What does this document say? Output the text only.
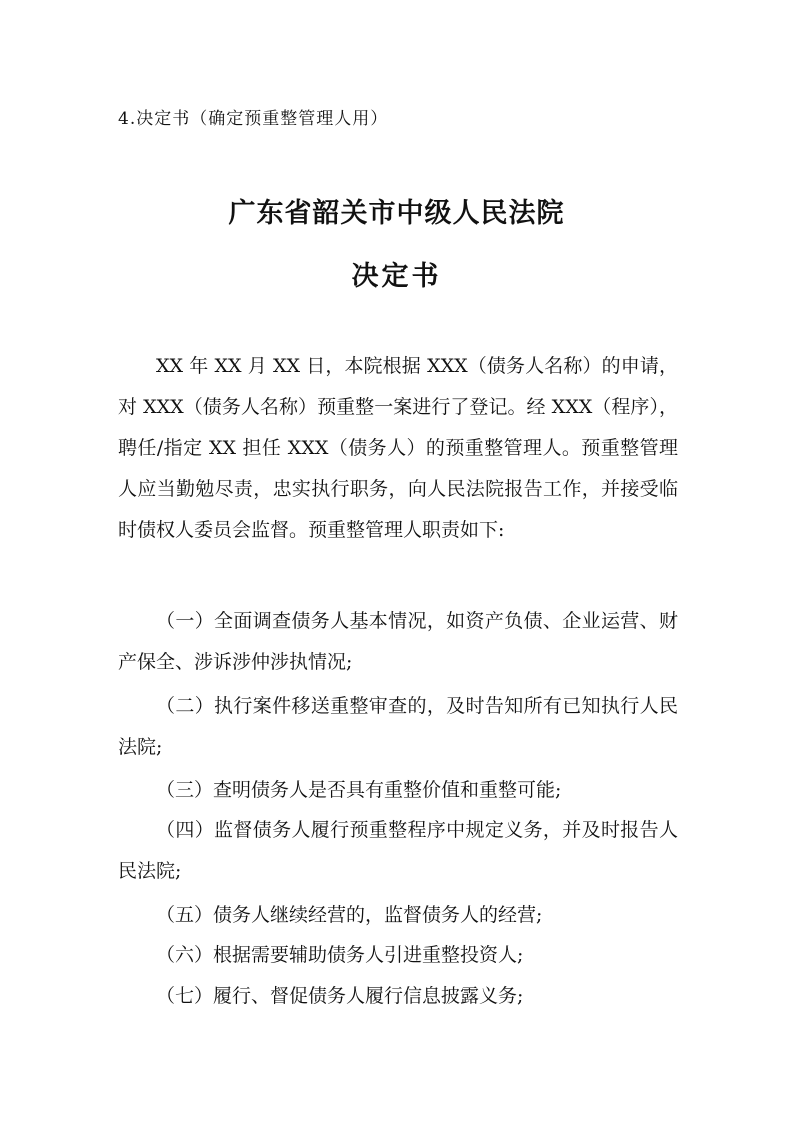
4.决定书（确定预重整管理人用）
广东省韶关市中级人民法院
决定书
XX 年 XX 月 XX 日，本院根据 XXX（债务人名称）的申请，对 XXX（债务人名称）预重整一案进行了登记。经 XXX（程序），聘任/指定 XX 担任 XXX（债务人）的预重整管理人。预重整管理人应当勤勉尽责，忠实执行职务，向人民法院报告工作，并接受临时债权人委员会监督。预重整管理人职责如下:
（一）全面调查债务人基本情况，如资产负债、企业运营、财产保全、涉诉涉仲涉执情况;
（二）执行案件移送重整审查的，及时告知所有已知执行人民法院;
（三）查明债务人是否具有重整价值和重整可能;
（四）监督债务人履行预重整程序中规定义务，并及时报告人民法院;
（五）债务人继续经营的，监督债务人的经营;
（六）根据需要辅助债务人引进重整投资人;
（七）履行、督促债务人履行信息披露义务;
